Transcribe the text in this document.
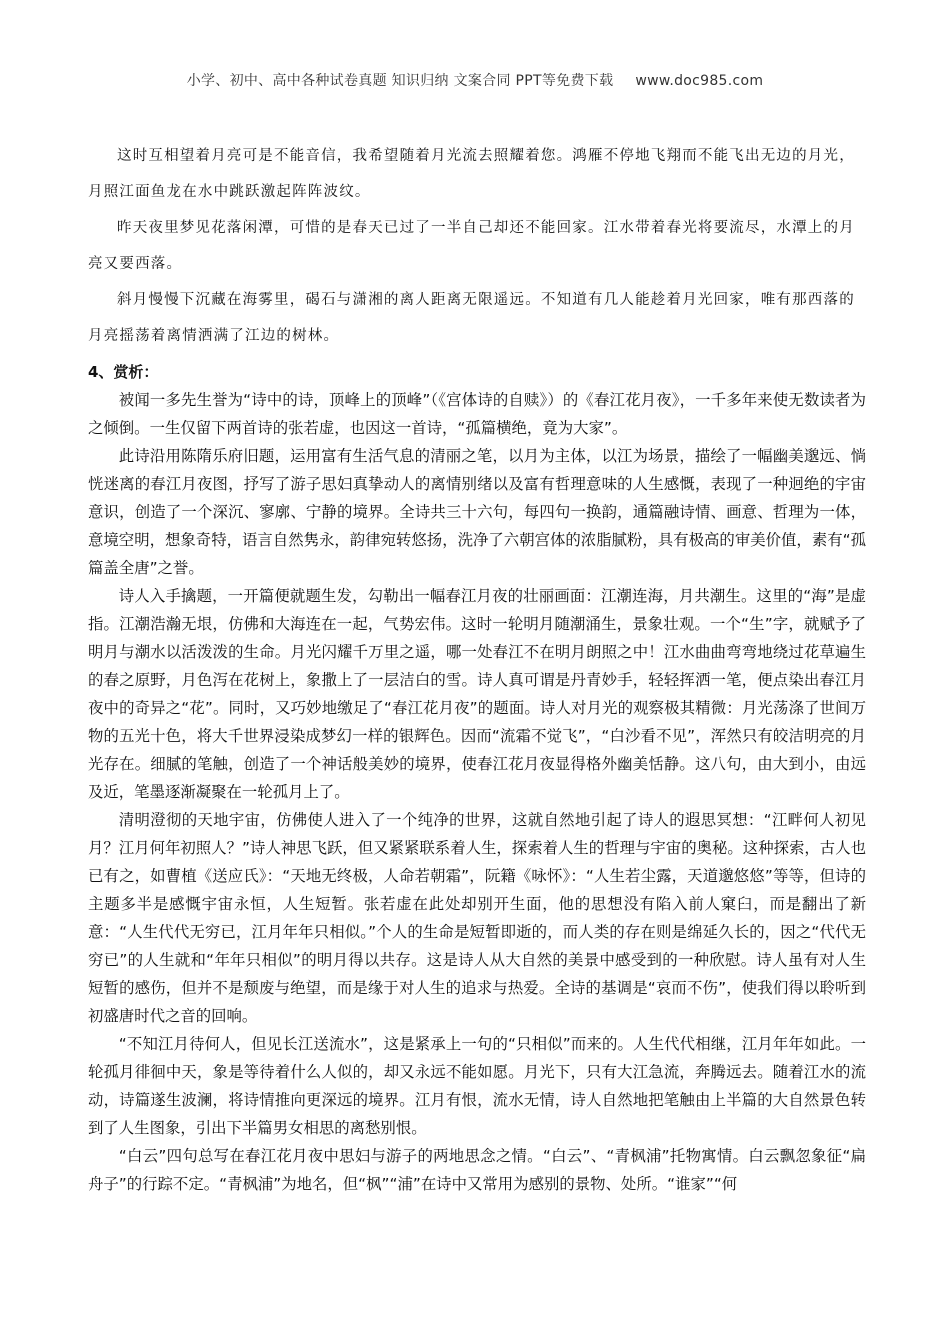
小学、初中、高中各种试卷真题 知识归纳 文案合同 PPT等免费下载 www.doc985.com

这时互相望着月亮可是不能音信，我希望随着月光流去照耀着您。鸿雁不停地飞翔而不能飞出无边的月光，月照江面鱼龙在水中跳跃激起阵阵波纹。

昨天夜里梦见花落闲潭，可惜的是春天已过了一半自己却还不能回家。江水带着春光将要流尽，水潭上的月亮又要西落。

斜月慢慢下沉藏在海雾里，碣石与潇湘的离人距离无限遥远。不知道有几人能趁着月光回家，唯有那西落的月亮摇荡着离情洒满了江边的树林。

4、赏析：

被闻一多先生誉为“诗中的诗，顶峰上的顶峰”（《宫体诗的自赎》）的《春江花月夜》，一千多年来使无数读者为之倾倒。一生仅留下两首诗的张若虚，也因这一首诗，“孤篇横绝，竟为大家”。

此诗沿用陈隋乐府旧题，运用富有生活气息的清丽之笔，以月为主体，以江为场景，描绘了一幅幽美邈远、惝恍迷离的春江月夜图，抒写了游子思妇真挚动人的离情别绪以及富有哲理意味的人生感慨，表现了一种迥绝的宇宙意识，创造了一个深沉、寥廓、宁静的境界。全诗共三十六句，每四句一换韵，通篇融诗情、画意、哲理为一体，意境空明，想象奇特，语言自然隽永，韵律宛转悠扬，洗净了六朝宫体的浓脂腻粉，具有极高的审美价值，素有“孤篇盖全唐”之誉。

诗人入手擒题，一开篇便就题生发，勾勒出一幅春江月夜的壮丽画面：江潮连海，月共潮生。这里的“海”是虚指。江潮浩瀚无垠，仿佛和大海连在一起，气势宏伟。这时一轮明月随潮涌生，景象壮观。一个“生”字，就赋予了明月与潮水以活泼泼的生命。月光闪耀千万里之遥，哪一处春江不在明月朗照之中！江水曲曲弯弯地绕过花草遍生的春之原野，月色泻在花树上，象撒上了一层洁白的雪。诗人真可谓是丹青妙手，轻轻挥洒一笔，便点染出春江月夜中的奇异之“花”。同时，又巧妙地缴足了“春江花月夜”的题面。诗人对月光的观察极其精微：月光荡涤了世间万物的五光十色，将大千世界浸染成梦幻一样的银辉色。因而“流霜不觉飞”，“白沙看不见”，浑然只有皎洁明亮的月光存在。细腻的笔触，创造了一个神话般美妙的境界，使春江花月夜显得格外幽美恬静。这八句，由大到小，由远及近，笔墨逐渐凝聚在一轮孤月上了。

清明澄彻的天地宇宙，仿佛使人进入了一个纯净的世界，这就自然地引起了诗人的遐思冥想：“江畔何人初见月？江月何年初照人？”诗人神思飞跃，但又紧紧联系着人生，探索着人生的哲理与宇宙的奥秘。这种探索，古人也已有之，如曹植《送应氏》：“天地无终极，人命若朝霜”，阮籍《咏怀》：“人生若尘露，天道邈悠悠”等等，但诗的主题多半是感慨宇宙永恒，人生短暂。张若虚在此处却别开生面，他的思想没有陷入前人窠臼，而是翻出了新意：“人生代代无穷已，江月年年只相似。”个人的生命是短暂即逝的，而人类的存在则是绵延久长的，因之“代代无穷已”的人生就和“年年只相似”的明月得以共存。这是诗人从大自然的美景中感受到的一种欣慰。诗人虽有对人生短暂的感伤，但并不是颓废与绝望，而是缘于对人生的追求与热爱。全诗的基调是“哀而不伤”，使我们得以聆听到初盛唐时代之音的回响。

“不知江月待何人，但见长江送流水”，这是紧承上一句的“只相似”而来的。人生代代相继，江月年年如此。一轮孤月徘徊中天，象是等待着什么人似的，却又永远不能如愿。月光下，只有大江急流，奔腾远去。随着江水的流动，诗篇遂生波澜，将诗情推向更深远的境界。江月有恨，流水无情，诗人自然地把笔触由上半篇的大自然景色转到了人生图象，引出下半篇男女相思的离愁别恨。

“白云”四句总写在春江花月夜中思妇与游子的两地思念之情。“白云”、“青枫浦”托物寓情。白云飘忽象征“扁舟子”的行踪不定。“青枫浦”为地名，但“枫”“浦”在诗中又常用为感别的景物、处所。“谁家”“何
